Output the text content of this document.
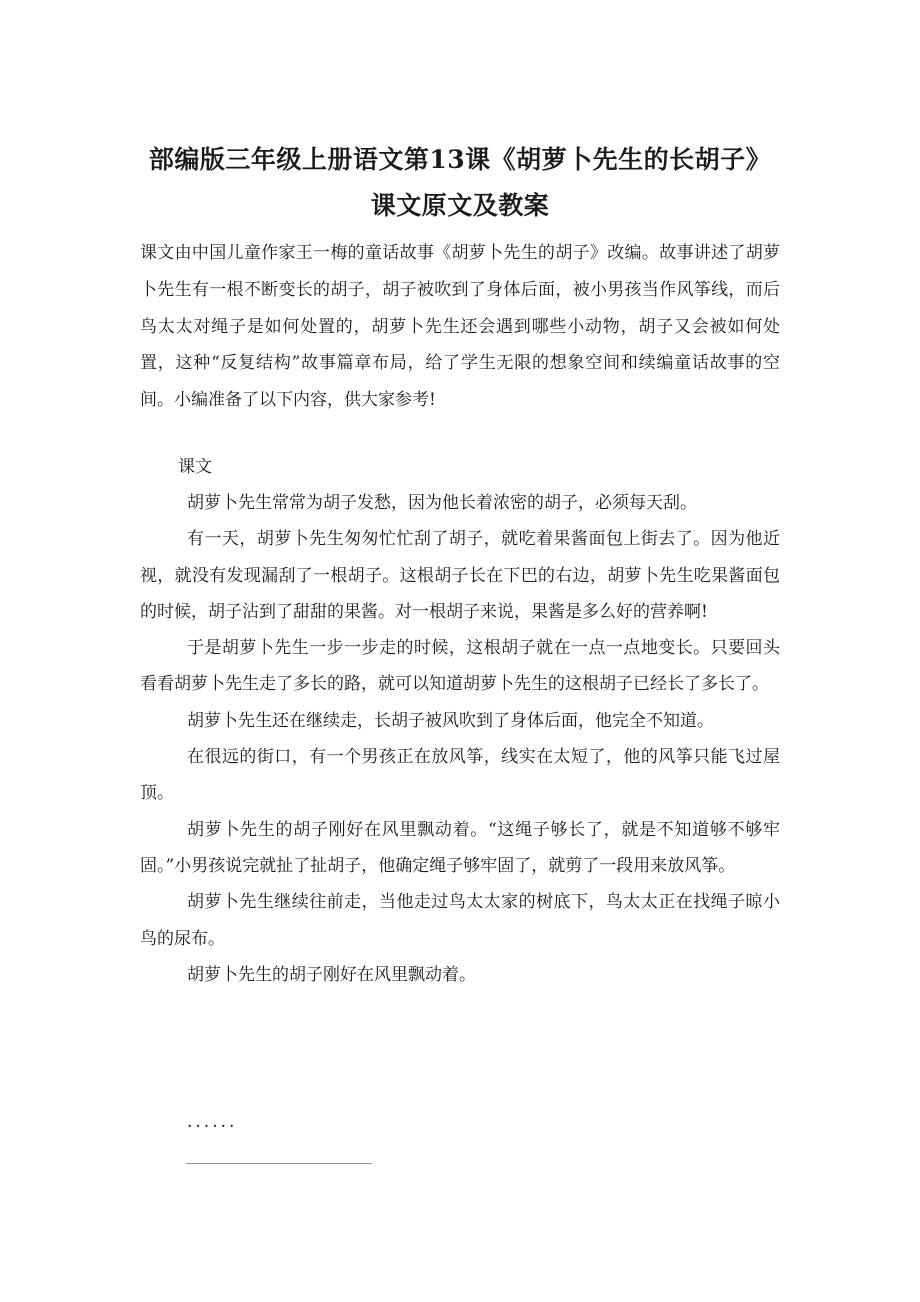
部编版三年级上册语文第13课《胡萝卜先生的长胡子》课文原文及教案

课文由中国儿童作家王一梅的童话故事《胡萝卜先生的胡子》改编。故事讲述了胡萝卜先生有一根不断变长的胡子，胡子被吹到了身体后面，被小男孩当作风筝线，而后鸟太太对绳子是如何处置的，胡萝卜先生还会遇到哪些小动物，胡子又会被如何处置，这种“反复结构”故事篇章布局，给了学生无限的想象空间和续编童话故事的空间。小编准备了以下内容，供大家参考!

课文

胡萝卜先生常常为胡子发愁，因为他长着浓密的胡子，必须每天刮。

有一天，胡萝卜先生匆匆忙忙刮了胡子，就吃着果酱面包上街去了。因为他近视，就没有发现漏刮了一根胡子。这根胡子长在下巴的右边，胡萝卜先生吃果酱面包的时候，胡子沾到了甜甜的果酱。对一根胡子来说，果酱是多么好的营养啊!

于是胡萝卜先生一步一步走的时候，这根胡子就在一点一点地变长。只要回头看看胡萝卜先生走了多长的路，就可以知道胡萝卜先生的这根胡子已经长了多长了。

胡萝卜先生还在继续走，长胡子被风吹到了身体后面，他完全不知道。

在很远的街口，有一个男孩正在放风筝，线实在太短了，他的风筝只能飞过屋顶。

胡萝卜先生的胡子刚好在风里飘动着。“这绳子够长了，就是不知道够不够牢固。”小男孩说完就扯了扯胡子，他确定绳子够牢固了，就剪了一段用来放风筝。

胡萝卜先生继续往前走，当他走过鸟太太家的树底下，鸟太太正在找绳子晾小鸟的尿布。

胡萝卜先生的胡子刚好在风里飘动着。

......
